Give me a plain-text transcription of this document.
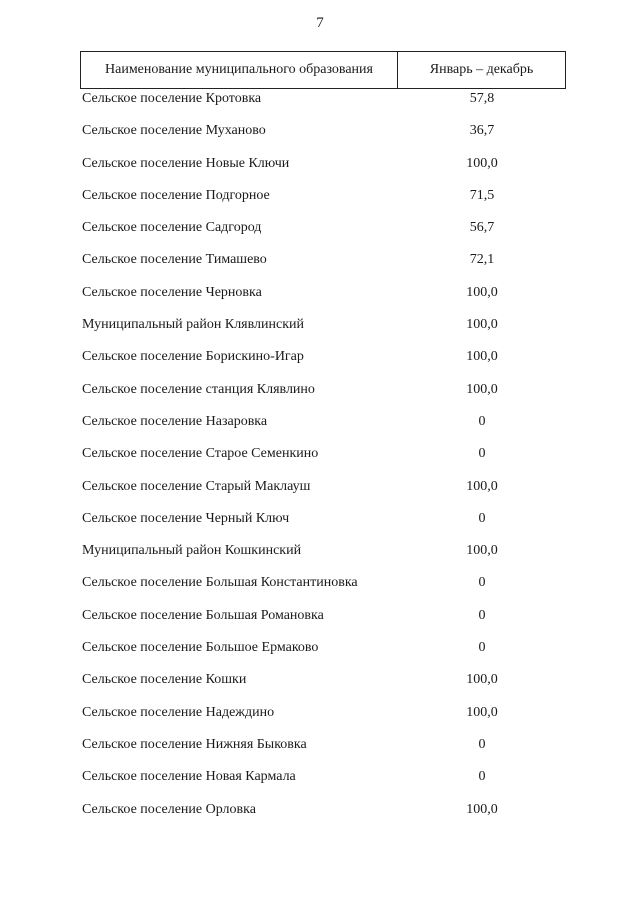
7
Наименование муниципального образования	Январь – декабрь
Сельское поселение Кротовка	57,8
Сельское поселение Муханово	36,7
Сельское поселение Новые Ключи	100,0
Сельское поселение Подгорное	71,5
Сельское поселение Садгород	56,7
Сельское поселение Тимашево	72,1
Сельское поселение Черновка	100,0
Муниципальный район Клявлинский	100,0
Сельское поселение Борискино-Игар	100,0
Сельское поселение станция Клявлино	100,0
Сельское поселение Назаровка	0
Сельское поселение Старое Семенкино	0
Сельское поселение Старый Маклауш	100,0
Сельское поселение Черный Ключ	0
Муниципальный район Кошкинский	100,0
Сельское поселение Большая Константиновка	0
Сельское поселение Большая Романовка	0
Сельское поселение Большое Ермаково	0
Сельское поселение Кошки	100,0
Сельское поселение Надеждино	100,0
Сельское поселение Нижняя Быковка	0
Сельское поселение Новая Кармала	0
Сельское поселение Орловка	100,0
